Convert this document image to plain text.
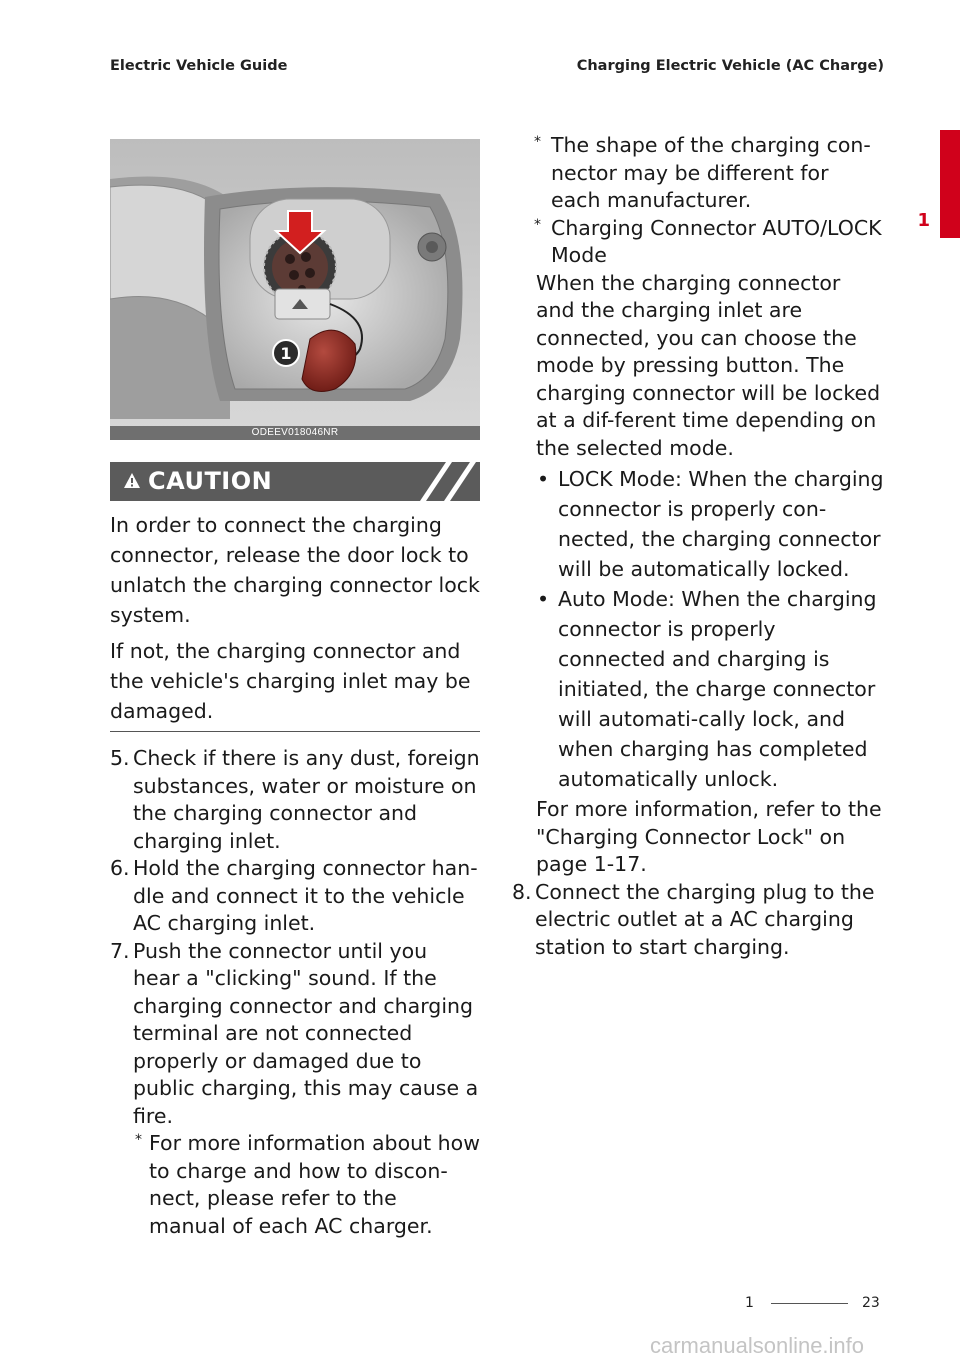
Electric Vehicle Guide	Charging Electric Vehicle (AC Charge)
1
1
ODEEV018046NR
CAUTION

In order to connect the charging connector, release the door lock to unlatch the charging connector lock system.

If not, the charging connector and the vehicle's charging inlet may be damaged.

5. Check if there is any dust, foreign substances, water or moisture on the charging connector and charging inlet.
6. Hold the charging connector han-dle and connect it to the vehicle AC charging inlet.
7. Push the connector until you hear a "clicking" sound. If the charging connector and charging terminal are not connected properly or damaged due to public charging, this may cause a fire.
* For more information about how to charge and how to discon-nect, please refer to the manual of each AC charger.
* The shape of the charging con-nector may be different for each manufacturer.
* Charging Connector AUTO/LOCK Mode
When the charging connector and the charging inlet are connected, you can choose the mode by pressing button. The charging connector will be locked at a dif-ferent time depending on the selected mode.
• LOCK Mode: When the charging connector is properly con-nected, the charging connector will be automatically locked.
• Auto Mode: When the charging connector is properly connected and charging is initiated, the charge connector will automati-cally lock, and when charging has completed automatically unlock.
For more information, refer to the "Charging Connector Lock" on page 1-17.
8. Connect the charging plug to the electric outlet at a AC charging station to start charging.
1	23
carmanualsonline.info
